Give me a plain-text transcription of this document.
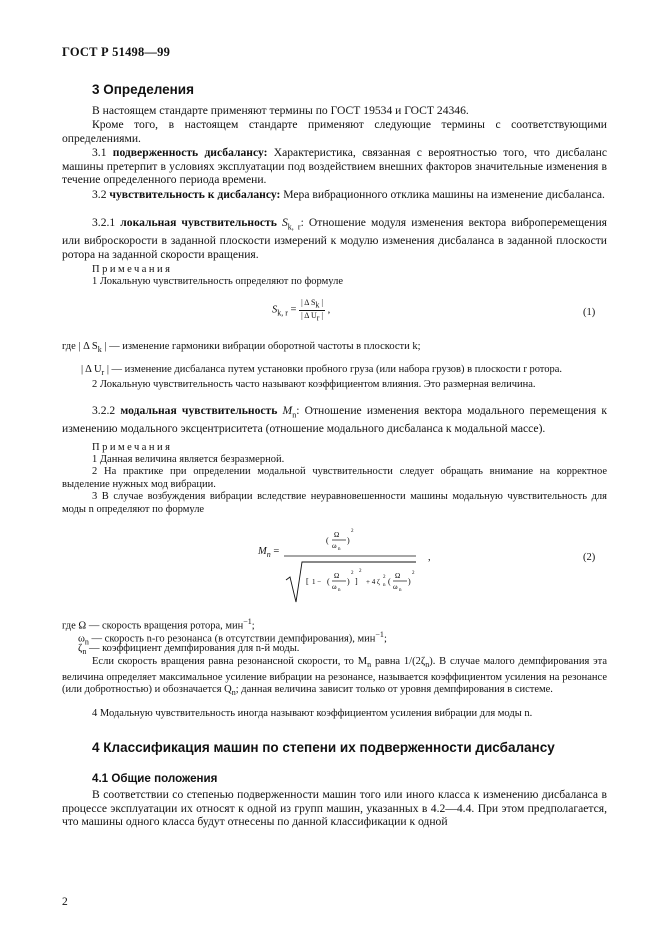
ГОСТ Р 51498—99
3 Определения
В настоящем стандарте применяют термины по ГОСТ 19534 и ГОСТ 24346.
Кроме того, в настоящем стандарте применяют следующие термины с соответствующими определениями.
3.1 подверженность дисбалансу: Характеристика, связанная с вероятностью того, что дисбаланс машины претерпит в условиях эксплуатации под воздействием внешних факторов значительные изменения в течение определенного периода времени.
3.2 чувствительность к дисбалансу: Мера вибрационного отклика машины на изменение дисбаланса.
3.2.1 локальная чувствительность $S_{k, r}$: Отношение модуля изменения вектора виброперемещения или виброскорости в заданной плоскости измерений к модулю изменения дисбаланса в заданной плоскости ротора на заданной скорости вращения.
Примечания
1 Локальную чувствительность определяют по формуле
$S_{k, r} = \frac{| \Delta S_k |}{| \Delta U_r |}$ ,	(1)
где | Δ $S_k$ | — изменение гармоники вибрации оборотной частоты в плоскости k;
| Δ $U_r$ | — изменение дисбаланса путем установки пробного груза (или набора грузов) в плоскости r ротора.
2 Локальную чувствительность часто называют коэффициентом влияния. Это размерная величина.
3.2.2 модальная чувствительность $M_n$: Отношение изменения вектора модального перемещения к изменению модального эксцентриситета (отношение модального дисбаланса к модальной массе).
Примечания
1 Данная величина является безразмерной.
2 На практике при определении модальной чувствительности следует обращать внимание на корректное выделение нужных мод вибрации.
3 В случае возбуждения вибрации вследствие неуравновешенности машины модальную чувствительность для моды n определяют по формуле
$M_n$ =
(
Ω
ω n
)
2
[ 1 − (
Ω
ω n
)
2
]
2
+ 4 ζ n
2 (
Ω
ω n
)
2
,	(2)
где Ω — скорость вращения ротора, мин$^{-1}$;
$\omega_n$ — скорость n-го резонанса (в отсутствии демпфирования), мин$^{-1}$;
$\zeta_n$ — коэффициент демпфирования для n-й моды.
Если скорость вращения равна резонансной скорости, то $M_n$ равна $1/(2\zeta_n)$. В случае малого демпфирования эта величина определяет максимальное усиление вибрации на резонансе, называется коэффициентом усиления на резонансе (или добротностью) и обозначается $Q_n$; данная величина зависит только от уровня демпфирования в системе.
4 Модальную чувствительность иногда называют коэффициентом усиления вибрации для моды n.
4 Классификация машин по степени их подверженности дисбалансу
4.1 Общие положения
В соответствии со степенью подверженности машин того или иного класса к изменению дисбаланса в процессе эксплуатации их относят к одной из групп машин, указанных в 4.2—4.4. При этом предполагается, что машины одного класса будут отнесены по данной классификации к одной
2
